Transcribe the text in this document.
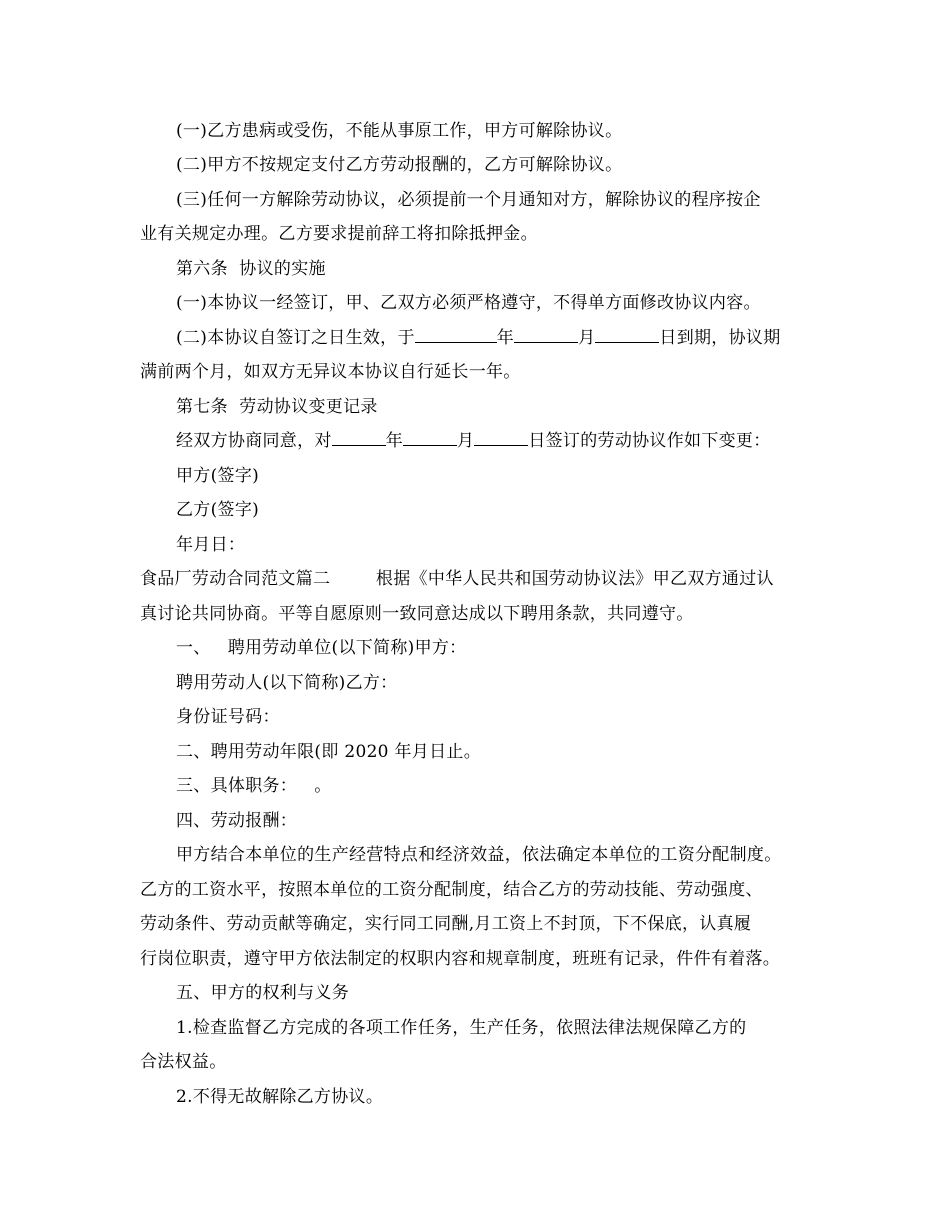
(一)乙方患病或受伤，不能从事原工作，甲方可解除协议。
(二)甲方不按规定支付乙方劳动报酬的，乙方可解除协议。
(三)任何一方解除劳动协议，必须提前一个月通知对方，解除协议的程序按企
业有关规定办理。乙方要求提前辞工将扣除抵押金。
第六条  协议的实施
(一)本协议一经签订，甲、乙双方必须严格遵守，不得单方面修改协议内容。
(二)本协议自签订之日生效，于	年	月	日到期，协议期
满前两个月，如双方无异议本协议自行延长一年。
第七条  劳动协议变更记录
经双方协商同意，对	年	月	日签订的劳动协议作如下变更：
甲方(签字)
乙方(签字)
年月日：
食品厂劳动合同范文篇二        根据《中华人民共和国劳动协议法》甲乙双方通过认
真讨论共同协商。平等自愿原则一致同意达成以下聘用条款，共同遵守。
一、   聘用劳动单位(以下简称)甲方：
聘用劳动人(以下简称)乙方：
身份证号码：
二、聘用劳动年限(即 2020 年月日止。
三、具体职务：   。
四、劳动报酬：
甲方结合本单位的生产经营特点和经济效益，依法确定本单位的工资分配制度。
乙方的工资水平，按照本单位的工资分配制度，结合乙方的劳动技能、劳动强度、
劳动条件、劳动贡献等确定，实行同工同酬,月工资上不封顶，下不保底，认真履
行岗位职责，遵守甲方依法制定的权职内容和规章制度，班班有记录，件件有着落。
五、甲方的权利与义务
1.检查监督乙方完成的各项工作任务，生产任务，依照法律法规保障乙方的
合法权益。
2.不得无故解除乙方协议。
